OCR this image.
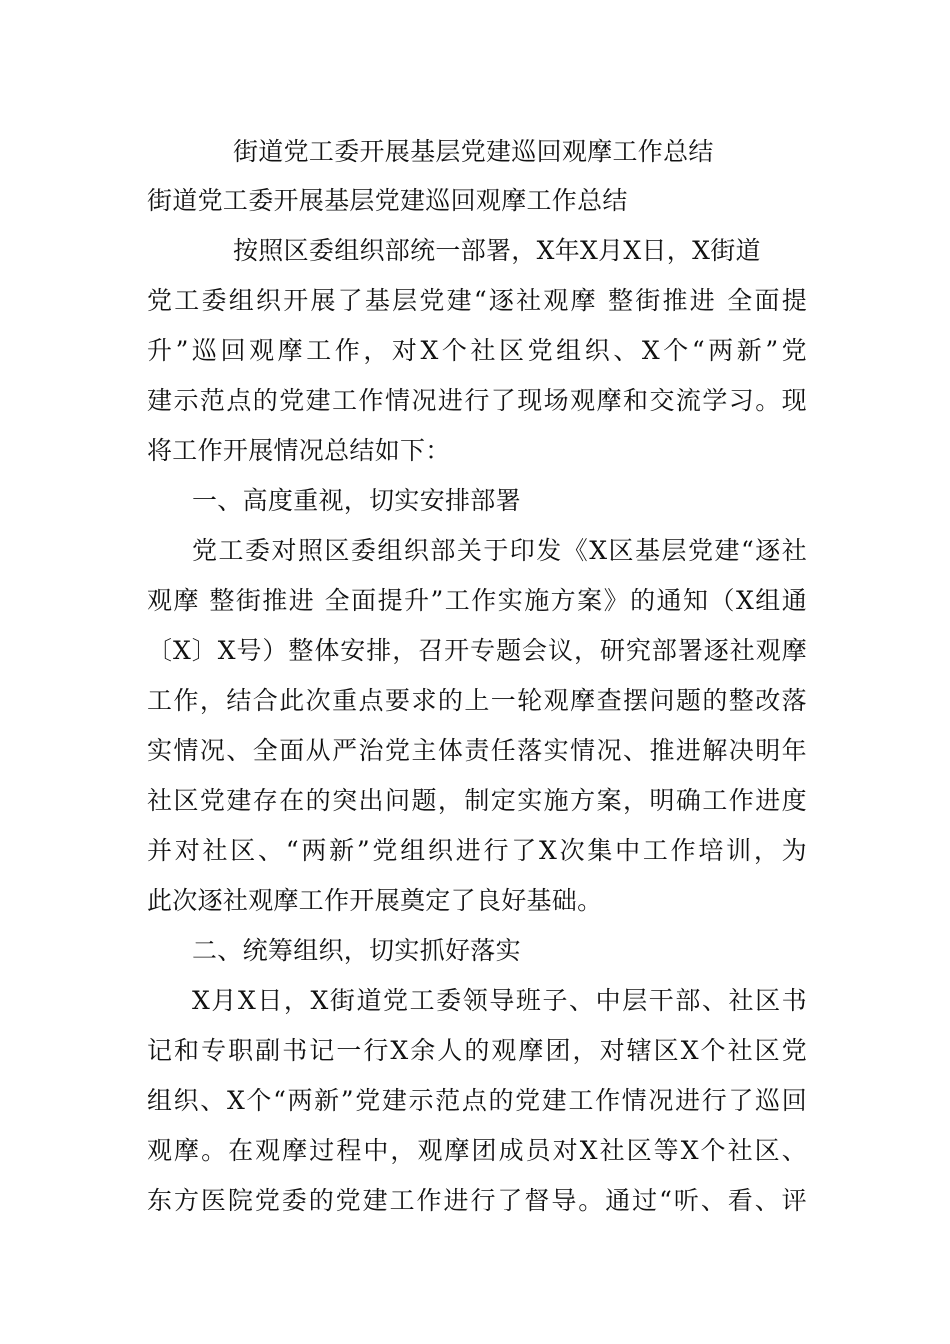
街道党工委开展基层党建巡回观摩工作总结
街道党工委开展基层党建巡回观摩工作总结
按照区委组织部统一部署，X年X月X日，X街道
党工委组织开展了基层党建“逐社观摩 整街推进 全面提
升”巡回观摩工作，对X个社区党组织、X个“两新”党
建示范点的党建工作情况进行了现场观摩和交流学习。现
将工作开展情况总结如下：
一、高度重视，切实安排部署
党工委对照区委组织部关于印发《X区基层党建“逐社
观摩 整街推进 全面提升”工作实施方案》的通知（X组通
〔X〕X号）整体安排，召开专题会议，研究部署逐社观摩
工作，结合此次重点要求的上一轮观摩查摆问题的整改落
实情况、全面从严治党主体责任落实情况、推进解决明年
社区党建存在的突出问题，制定实施方案，明确工作进度
并对社区、“两新”党组织进行了X次集中工作培训，为
此次逐社观摩工作开展奠定了良好基础。
二、统筹组织，切实抓好落实
X月X日，X街道党工委领导班子、中层干部、社区书
记和专职副书记一行X余人的观摩团，对辖区X个社区党
组织、X个“两新”党建示范点的党建工作情况进行了巡回
观摩。在观摩过程中，观摩团成员对X社区等X个社区、
东方医院党委的党建工作进行了督导。通过“听、看、评
